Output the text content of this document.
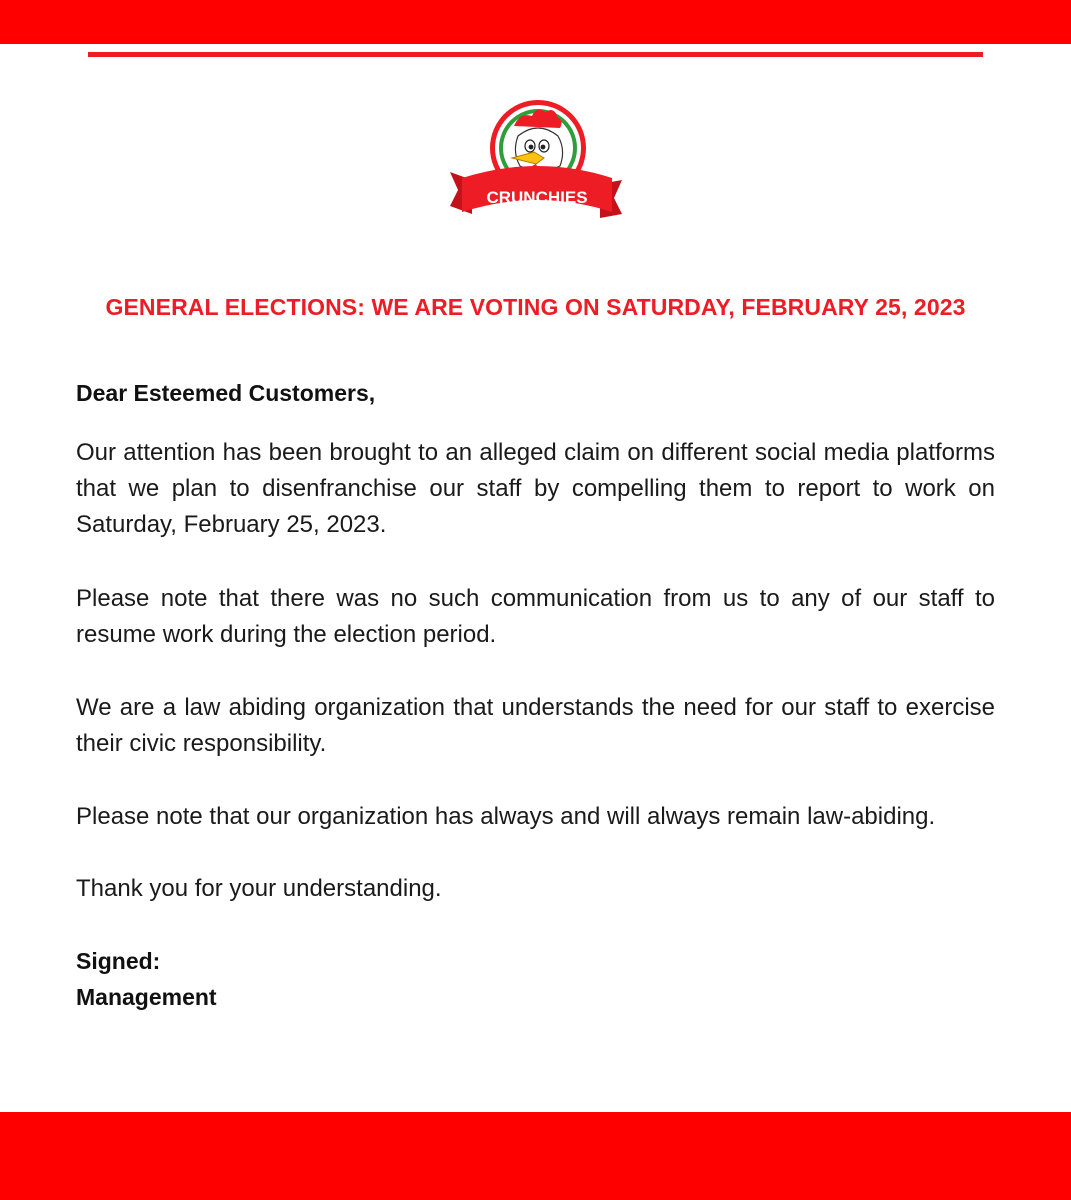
CRUNCHIES
GENERAL ELECTIONS: WE ARE VOTING ON SATURDAY, FEBRUARY 25, 2023
Dear Esteemed Customers,

Our attention has been brought to an alleged claim on different social media platforms that we plan to disenfranchise our staff by compelling them to report to work on Saturday, February 25, 2023.

Please note that there was no such communication from us to any of our staff to resume work during the election period.

We are a law abiding organization that understands the need for our staff to exercise their civic responsibility.

Please note that our organization has always and will always remain law-abiding.

Thank you for your understanding.

Signed:
Management
